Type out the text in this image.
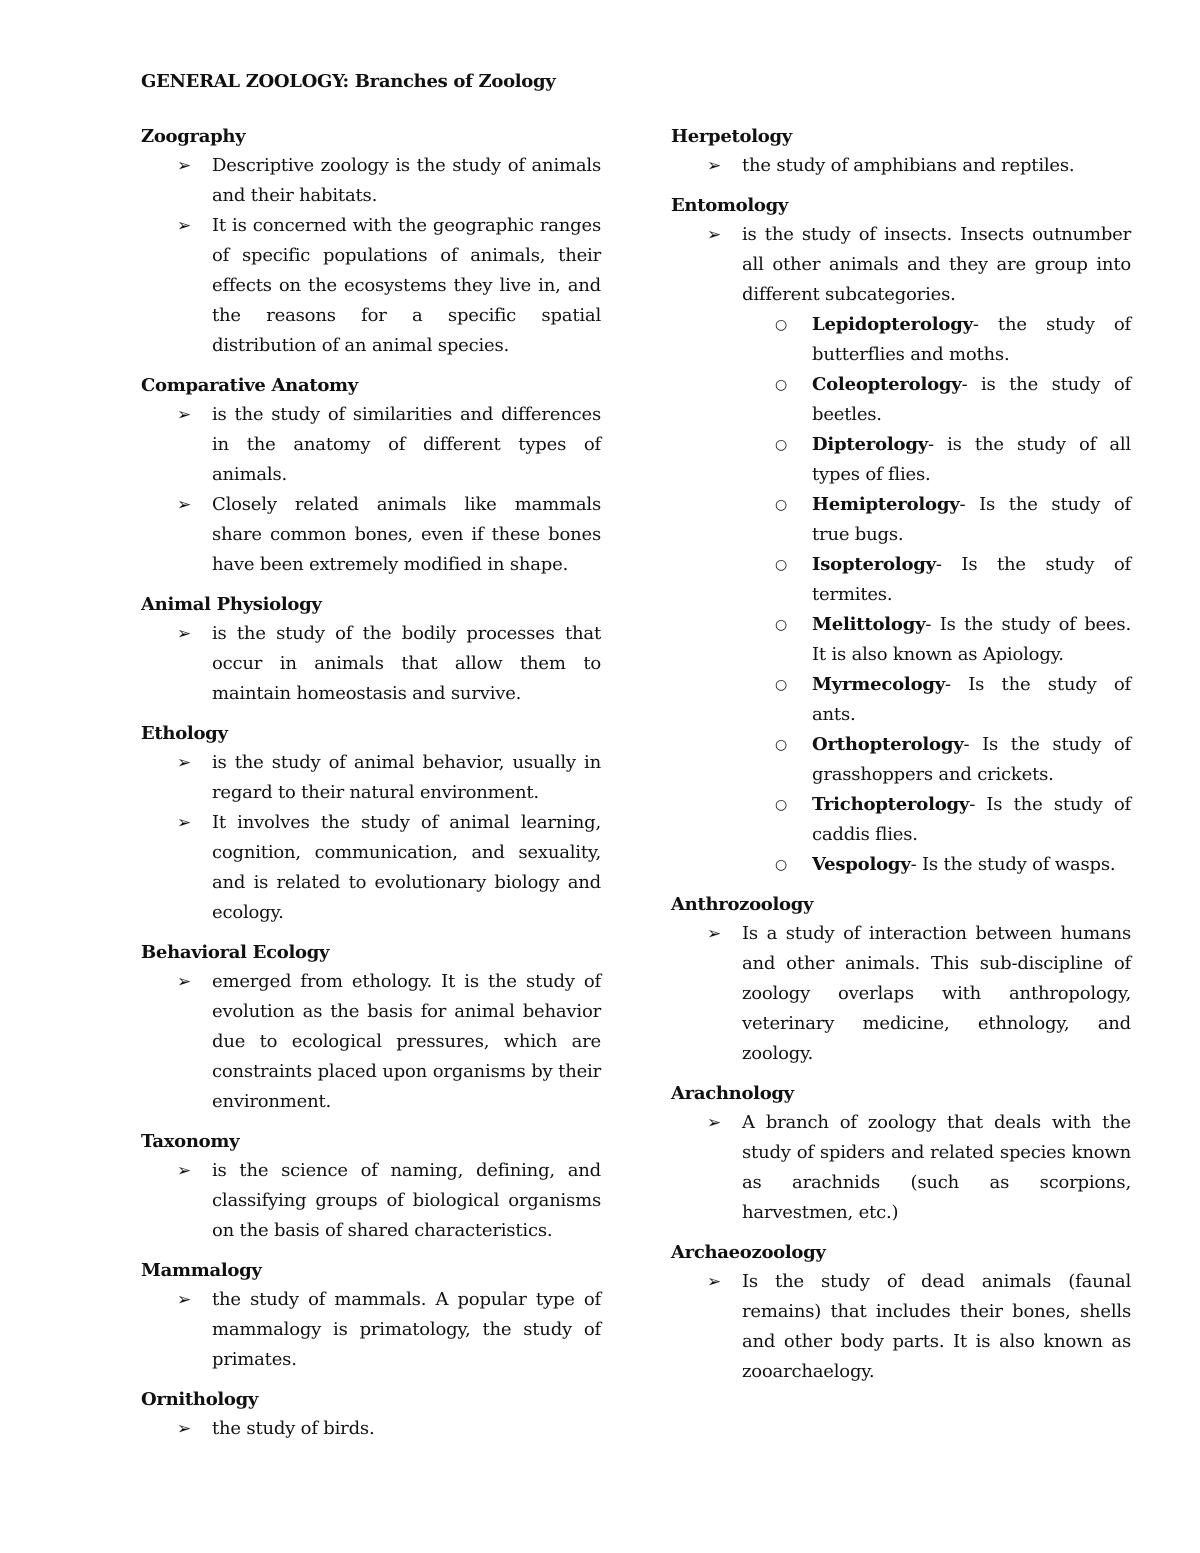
GENERAL ZOOLOGY: Branches of Zoology
Zoography
➢ Descriptive zoology is the study of animals and their habitats.
➢ It is concerned with the geographic ranges of specific populations of animals, their effects on the ecosystems they live in, and the reasons for a specific spatial distribution of an animal species.
Comparative Anatomy
➢ is the study of similarities and differences in the anatomy of different types of animals.
➢ Closely related animals like mammals share common bones, even if these bones have been extremely modified in shape.
Animal Physiology
➢ is the study of the bodily processes that occur in animals that allow them to maintain homeostasis and survive.
Ethology
➢ is the study of animal behavior, usually in regard to their natural environment.
➢ It involves the study of animal learning, cognition, communication, and sexuality, and is related to evolutionary biology and ecology.
Behavioral Ecology
➢ emerged from ethology. It is the study of evolution as the basis for animal behavior due to ecological pressures, which are constraints placed upon organisms by their environment.
Taxonomy
➢ is the science of naming, defining, and classifying groups of biological organisms on the basis of shared characteristics.
Mammalogy
➢ the study of mammals. A popular type of mammalogy is primatology, the study of primates.
Ornithology
➢ the study of birds.
Herpetology
➢ the study of amphibians and reptiles.
Entomology
➢ is the study of insects. Insects outnumber all other animals and they are group into different subcategories.
○ Lepidopterology- the study of butterflies and moths.
○ Coleopterology- is the study of beetles.
○ Dipterology- is the study of all types of flies.
○ Hemipterology- Is the study of true bugs.
○ Isopterology- Is the study of termites.
○ Melittology- Is the study of bees. It is also known as Apiology.
○ Myrmecology- Is the study of ants.
○ Orthopterology- Is the study of grasshoppers and crickets.
○ Trichopterology- Is the study of caddis flies.
○ Vespology- Is the study of wasps.
Anthrozoology
➢ Is a study of interaction between humans and other animals. This sub-discipline of zoology overlaps with anthropology, veterinary medicine, ethnology, and zoology.
Arachnology
➢ A branch of zoology that deals with the study of spiders and related species known as arachnids (such as scorpions, harvestmen, etc.)
Archaeozoology
➢ Is the study of dead animals (faunal remains) that includes their bones, shells and other body parts. It is also known as zooarchaelogy.
